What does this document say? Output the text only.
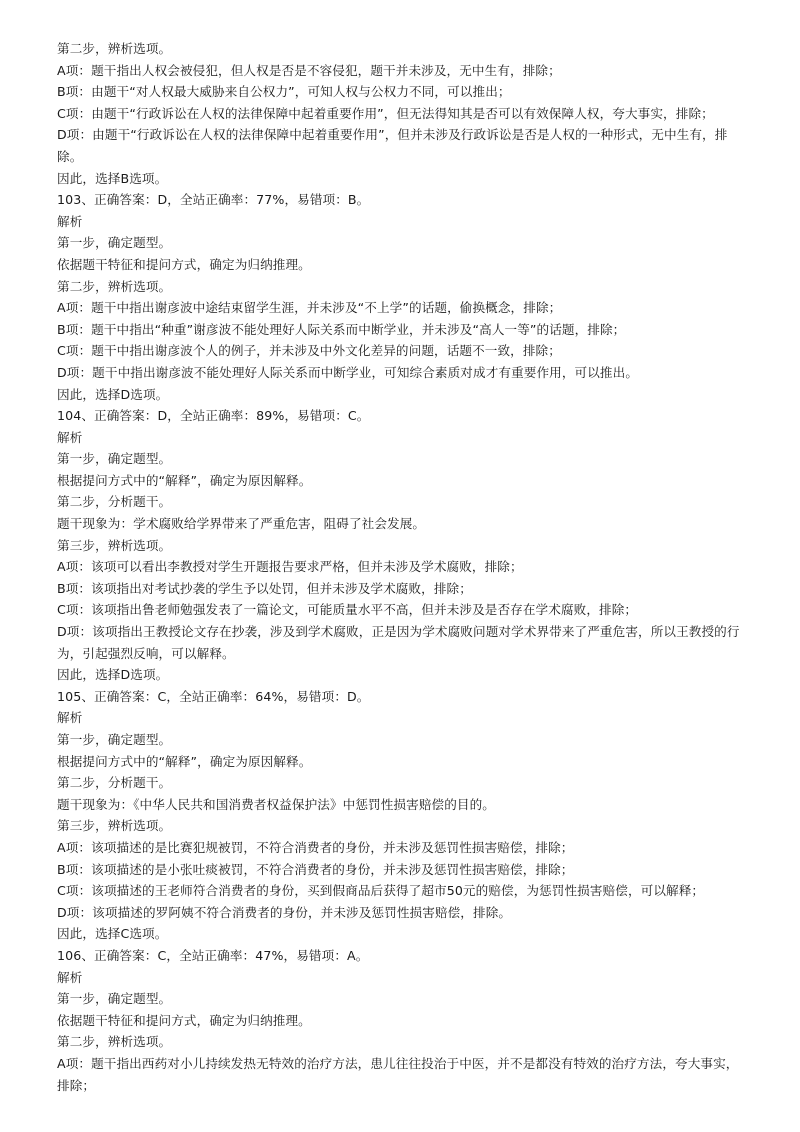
第二步，辨析选项。
A项：题干指出人权会被侵犯，但人权是否是不容侵犯，题干并未涉及，无中生有，排除；
B项：由题干“对人权最大威胁来自公权力”，可知人权与公权力不同，可以推出；
C项：由题干“行政诉讼在人权的法律保障中起着重要作用”，但无法得知其是否可以有效保障人权，夸大事实，排除；
D项：由题干“行政诉讼在人权的法律保障中起着重要作用”，但并未涉及行政诉讼是否是人权的一种形式，无中生有，排除。
因此，选择B选项。
103、正确答案：D，全站正确率：77%，易错项：B。
解析
第一步，确定题型。
依据题干特征和提问方式，确定为归纳推理。
第二步，辨析选项。
A项：题干中指出谢彦波中途结束留学生涯，并未涉及“不上学”的话题，偷换概念，排除；
B项：题干中指出“种重”谢彦波不能处理好人际关系而中断学业，并未涉及“高人一等”的话题，排除；
C项：题干中指出谢彦波个人的例子，并未涉及中外文化差异的问题，话题不一致，排除；
D项：题干中指出谢彦波不能处理好人际关系而中断学业，可知综合素质对成才有重要作用，可以推出。
因此，选择D选项。
104、正确答案：D，全站正确率：89%，易错项：C。
解析
第一步，确定题型。
根据提问方式中的“解释”，确定为原因解释。
第二步，分析题干。
题干现象为：学术腐败给学界带来了严重危害，阻碍了社会发展。
第三步，辨析选项。
A项：该项可以看出李教授对学生开题报告要求严格，但并未涉及学术腐败，排除；
B项：该项指出对考试抄袭的学生予以处罚，但并未涉及学术腐败，排除；
C项：该项指出鲁老师勉强发表了一篇论文，可能质量水平不高，但并未涉及是否存在学术腐败，排除；
D项：该项指出王教授论文存在抄袭，涉及到学术腐败，正是因为学术腐败问题对学术界带来了严重危害，所以王教授的行为，引起强烈反响，可以解释。
因此，选择D选项。
105、正确答案：C，全站正确率：64%，易错项：D。
解析
第一步，确定题型。
根据提问方式中的“解释”，确定为原因解释。
第二步，分析题干。
题干现象为：《中华人民共和国消费者权益保护法》中惩罚性损害赔偿的目的。
第三步，辨析选项。
A项：该项描述的是比赛犯规被罚，不符合消费者的身份，并未涉及惩罚性损害赔偿，排除；
B项：该项描述的是小张吐痰被罚，不符合消费者的身份，并未涉及惩罚性损害赔偿，排除；
C项：该项描述的王老师符合消费者的身份，买到假商品后获得了超市50元的赔偿，为惩罚性损害赔偿，可以解释；
D项：该项描述的罗阿姨不符合消费者的身份，并未涉及惩罚性损害赔偿，排除。
因此，选择C选项。
106、正确答案：C，全站正确率：47%，易错项：A。
解析
第一步，确定题型。
依据题干特征和提问方式，确定为归纳推理。
第二步，辨析选项。
A项：题干指出西药对小儿持续发热无特效的治疗方法，患儿往往投治于中医，并不是都没有特效的治疗方法，夸大事实，排除；
